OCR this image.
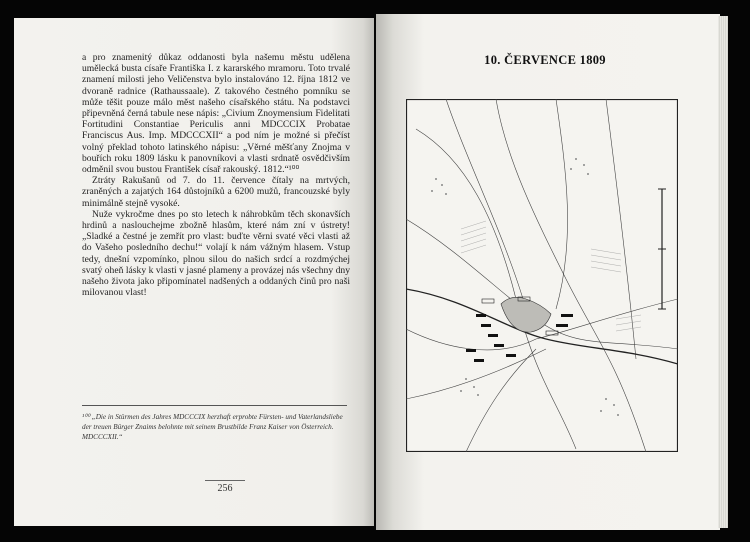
a pro znamenitý důkaz oddanosti byla našemu městu udělena umělecká busta císaře Františka I. z kararského mramoru. Toto trvalé znamení milosti jeho Veličenstva bylo instalováno 12. října 1812 ve dvoraně radnice (Rathaussaale). Z takového čestného pomníku se může těšit pouze málo měst našeho císařského státu. Na podstavci připevněná černá tabule nese nápis: „Civium Znoymensium Fidelitati Fortitudini Constantiae Periculis anni MDCCCIX Probatae Franciscus Aus. Imp. MDCCCXII“ a pod ním je možné si přečíst volný překlad tohoto latinského nápisu: „Věrné měšťany Znojma v bouřích roku 1809 lásku k panovníkovi a vlasti srdnatě osvědčivším odměnil svou bustou František císař rakouský. 1812.“¹⁰⁰

Ztráty Rakušanů od 7. do 11. července čítaly na mrtvých, zraněných a zajatých 164 důstojníků a 6200 mužů, francouzské byly minimálně stejně vysoké.

Nuže vykročme dnes po sto letech k náhrobkům těch skonavších hrdinů a naslouchejme zbožně hlasům, které nám zní v ústrety! „Sladké a čestné je zemřít pro vlast: buďte věrni svaté věci vlasti až do Vašeho posledního dechu!“ volají k nám vážným hlasem. Vstup tedy, dnešní vzpomínko, plnou silou do našich srdcí a rozdmýchej svatý oheň lásky k vlasti v jasné plameny a provázej nás všechny dny našeho života jako připomínatel nadšených a oddaných činů pro naši milovanou vlast!

¹⁰⁰ „Die in Stürmen des Jahres MDCCCIX herzhaft erprobte Fürsten- und Vaterlandsliebe der treuen Bürger Znaims belohnte mit seinem Brustbilde Franz Kaiser von Österreich. MDCCCXII.“
256
10. ČERVENCE 1809
